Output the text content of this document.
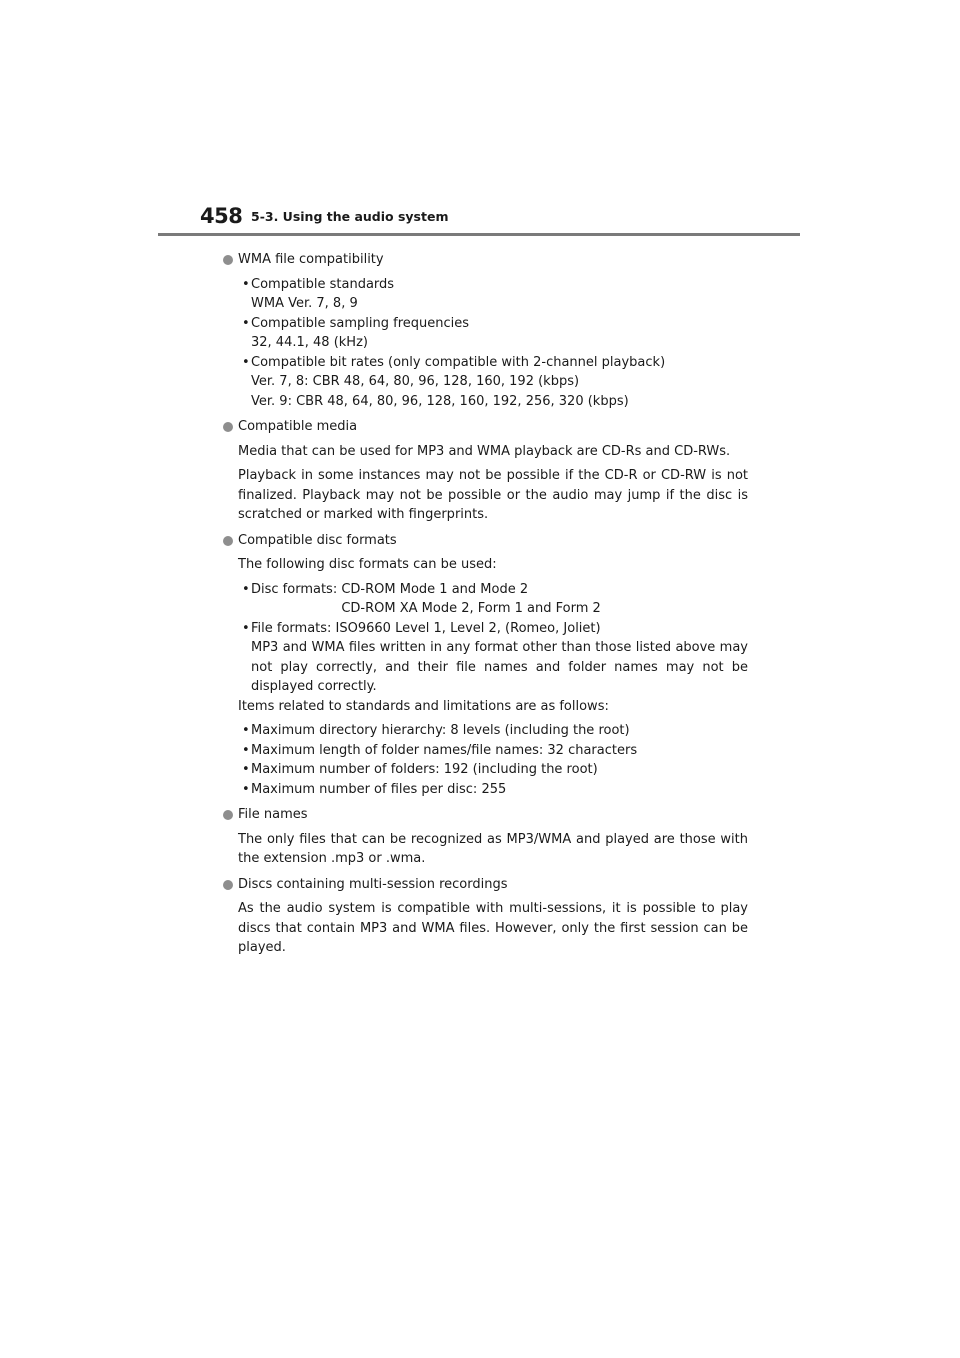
458 5-3. Using the audio system
WMA file compatibility
• Compatible standards
WMA Ver. 7, 8, 9
• Compatible sampling frequencies
32, 44.1, 48 (kHz)
• Compatible bit rates (only compatible with 2-channel playback)
Ver. 7, 8: CBR 48, 64, 80, 96, 128, 160, 192 (kbps)
Ver. 9: CBR 48, 64, 80, 96, 128, 160, 192, 256, 320 (kbps)
Compatible media
Media that can be used for MP3 and WMA playback are CD-Rs and CD-RWs.
Playback in some instances may not be possible if the CD-R or CD-RW is not finalized. Playback may not be possible or the audio may jump if the disc is scratched or marked with fingerprints.
Compatible disc formats
The following disc formats can be used:
• Disc formats: CD-ROM Mode 1 and Mode 2
CD-ROM XA Mode 2, Form 1 and Form 2
• File formats: ISO9660 Level 1, Level 2, (Romeo, Joliet)
MP3 and WMA files written in any format other than those listed above may not play correctly, and their file names and folder names may not be displayed correctly.
Items related to standards and limitations are as follows:
• Maximum directory hierarchy: 8 levels (including the root)
• Maximum length of folder names/file names: 32 characters
• Maximum number of folders: 192 (including the root)
• Maximum number of files per disc: 255
File names
The only files that can be recognized as MP3/WMA and played are those with the extension .mp3 or .wma.
Discs containing multi-session recordings
As the audio system is compatible with multi-sessions, it is possible to play discs that contain MP3 and WMA files. However, only the first session can be played.
